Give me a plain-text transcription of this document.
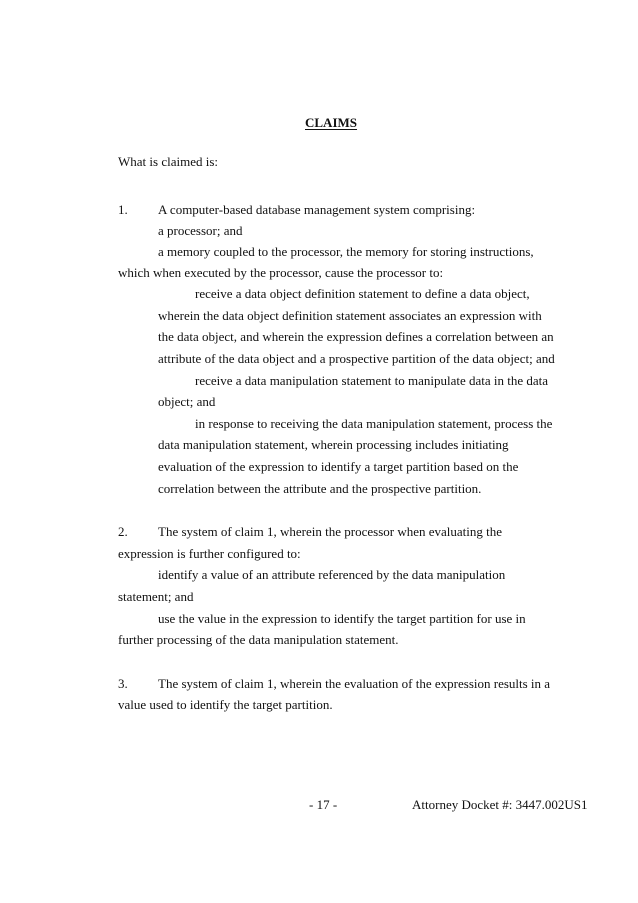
CLAIMS
What is claimed is:
1. A computer-based database management system comprising:
a processor; and
a memory coupled to the processor, the memory for storing instructions,
which when executed by the processor, cause the processor to:
receive a data object definition statement to define a data object,
wherein the data object definition statement associates an expression with
the data object, and wherein the expression defines a correlation between an
attribute of the data object and a prospective partition of the data object; and
receive a data manipulation statement to manipulate data in the data
object; and
in response to receiving the data manipulation statement, process the
data manipulation statement, wherein processing includes initiating
evaluation of the expression to identify a target partition based on the
correlation between the attribute and the prospective partition.
2. The system of claim 1, wherein the processor when evaluating the
expression is further configured to:
identify a value of an attribute referenced by the data manipulation
statement; and
use the value in the expression to identify the target partition for use in
further processing of the data manipulation statement.
3. The system of claim 1, wherein the evaluation of the expression results in a
value used to identify the target partition.
- 17 -	Attorney Docket #: 3447.002US1
